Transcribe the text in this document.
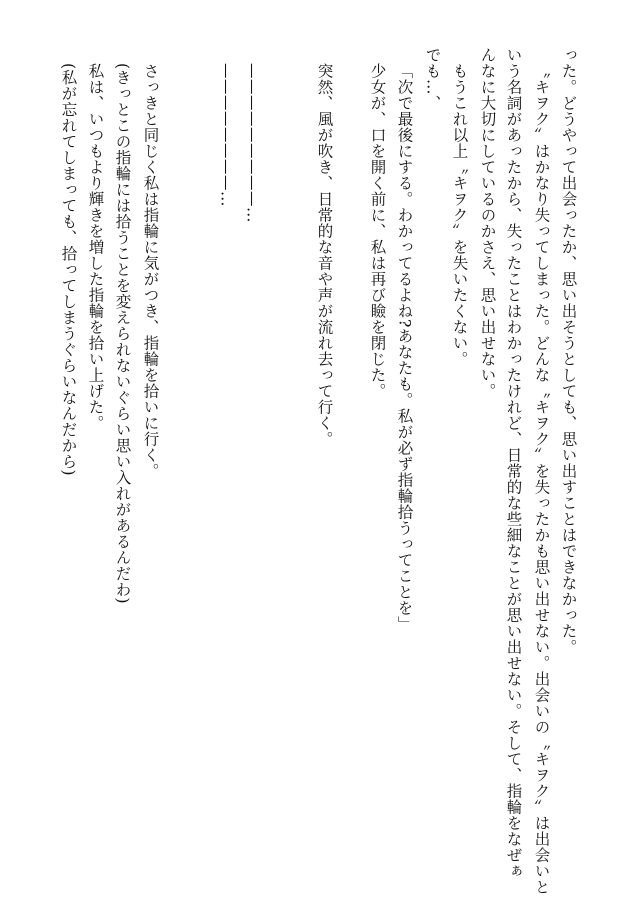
った。どうやって出会ったか、思い出そうとしても、思い出すことはできなかった。
〝キヲク〟はかなり失ってしまった。どんな〝キヲク〟を失ったかも思い出せない。出会いの〝キヲク〟は出会いと
いう名詞があったから、失ったことはわかったけれど、日常的な些細なことが思い出せない。そして、指輪をなぜぁ
んなに大切にしているのかさえ、思い出せない。
もうこれ以上〝キヲク〟を失いたくない。
でも…、
「次で最後にする。わかってるよね?あなたも。私が必ず指輪拾うってことを」
少女が、口を開く前に、私は再び瞼を閉じた。
突然、風が吹き、日常的な音や声が流れ去って行く。
—————————…
————————…
さっきと同じく私は指輪に気がつき、指輪を拾いに行く。
(きっとこの指輪には拾うことを変えられないぐらい思い入れがあるんだわ)
私は、いつもより輝きを増した指輪を拾い上げた。
(私が忘れてしまっても、拾ってしまうぐらいなんだから)
